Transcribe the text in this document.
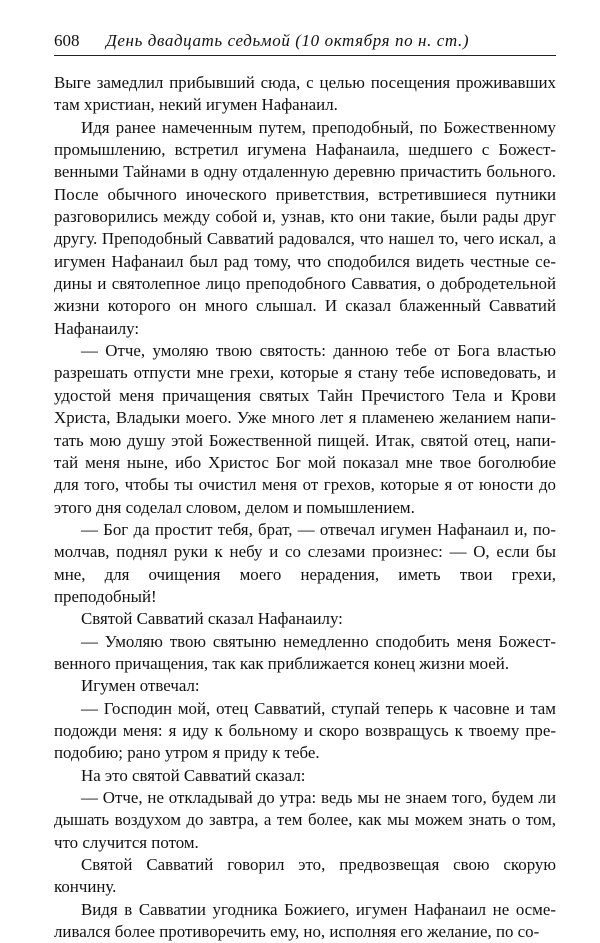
608 День двадцать седьмой (10 октября по н. ст.)

Выге замедлил прибывший сюда, с целью посещения проживавших там христиан, некий игумен Нафанаил.

Идя ранее намеченным путем, преподобный, по Божественному промышлению, встретил игумена Нафанаила, шедшего с Божественными Тайнами в одну отдаленную деревню причастить больного. После обычного иноческого приветствия, встретившиеся путники разговорились между собой и, узнав, кто они такие, были рады друг другу. Преподобный Савватий радовался, что нашел то, чего искал, а игумен Нафанаил был рад тому, что сподобился видеть честные седины и святолепное лицо преподобного Савватия, о добродетельной жизни которого он много слышал. И сказал блаженный Савватий Нафанаилу:

— Отче, умоляю твою святость: данною тебе от Бога властью разрешать отпусти мне грехи, которые я стану тебе исповедовать, и удостой меня причащения святых Тайн Пречистого Тела и Крови Христа, Владыки моего. Уже много лет я пламенею желанием напитать мою душу этой Божественной пищей. Итак, святой отец, напитай меня ныне, ибо Христос Бог мой показал мне твое боголюбие для того, чтобы ты очистил меня от грехов, которые я от юности до этого дня соделал словом, делом и помышлением.

— Бог да простит тебя, брат, — отвечал игумен Нафанаил и, помолчав, поднял руки к небу и со слезами произнес: — О, если бы мне, для очищения моего нерадения, иметь твои грехи, преподобный!

Святой Савватий сказал Нафанаилу:

— Умоляю твою святыню немедленно сподобить меня Божественного причащения, так как приближается конец жизни моей.

Игумен отвечал:

— Господин мой, отец Савватий, ступай теперь к часовне и там подожди меня: я иду к больному и скоро возвращусь к твоему преподобию; рано утром я приду к тебе.

На это святой Савватий сказал:

— Отче, не откладывай до утра: ведь мы не знаем того, будем ли дышать воздухом до завтра, а тем более, как мы можем знать о том, что случится потом.

Святой Савватий говорил это, предвозвещая свою скорую кончину.

Видя в Савватии угодника Божиего, игумен Нафанаил не осмеливался более противоречить ему, но, исполняя его желание, по со-
